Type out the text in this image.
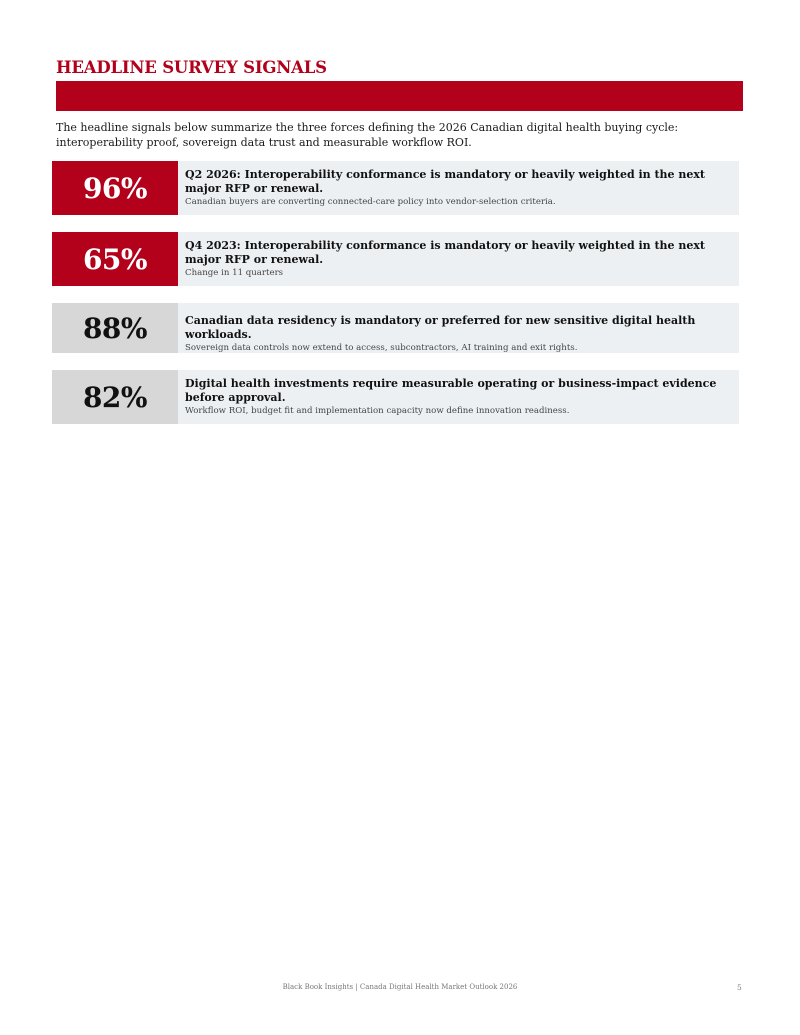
HEADLINE SURVEY SIGNALS
The headline signals below summarize the three forces defining the 2026 Canadian digital health buying cycle: interoperability proof, sovereign data trust and measurable workflow ROI.
96%	Q2 2026: Interoperability conformance is mandatory or heavily weighted in the next major RFP or renewal.
Canadian buyers are converting connected-care policy into vendor-selection criteria.
65%	Q4 2023: Interoperability conformance is mandatory or heavily weighted in the next major RFP or renewal.
Change in 11 quarters
88%	Canadian data residency is mandatory or preferred for new sensitive digital health workloads.
Sovereign data controls now extend to access, subcontractors, AI training and exit rights.
82%	Digital health investments require measurable operating or business-impact evidence before approval.
Workflow ROI, budget fit and implementation capacity now define innovation readiness.
Black Book Insights | Canada Digital Health Market Outlook 2026	5
